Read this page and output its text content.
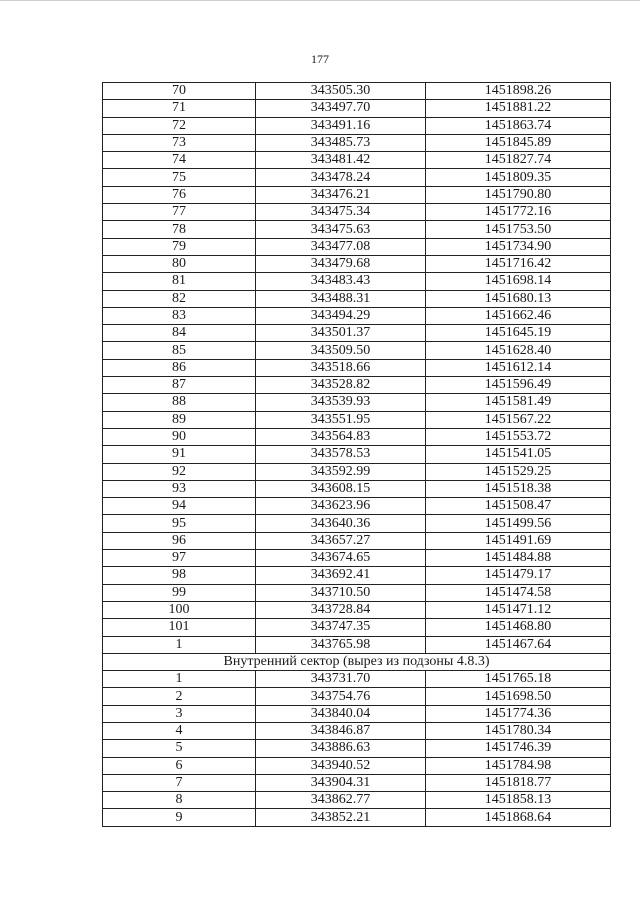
177
70	343505.30	1451898.26
71	343497.70	1451881.22
72	343491.16	1451863.74
73	343485.73	1451845.89
74	343481.42	1451827.74
75	343478.24	1451809.35
76	343476.21	1451790.80
77	343475.34	1451772.16
78	343475.63	1451753.50
79	343477.08	1451734.90
80	343479.68	1451716.42
81	343483.43	1451698.14
82	343488.31	1451680.13
83	343494.29	1451662.46
84	343501.37	1451645.19
85	343509.50	1451628.40
86	343518.66	1451612.14
87	343528.82	1451596.49
88	343539.93	1451581.49
89	343551.95	1451567.22
90	343564.83	1451553.72
91	343578.53	1451541.05
92	343592.99	1451529.25
93	343608.15	1451518.38
94	343623.96	1451508.47
95	343640.36	1451499.56
96	343657.27	1451491.69
97	343674.65	1451484.88
98	343692.41	1451479.17
99	343710.50	1451474.58
100	343728.84	1451471.12
101	343747.35	1451468.80
1	343765.98	1451467.64
Внутренний сектор (вырез из подзоны 4.8.3)		
1	343731.70	1451765.18
2	343754.76	1451698.50
3	343840.04	1451774.36
4	343846.87	1451780.34
5	343886.63	1451746.39
6	343940.52	1451784.98
7	343904.31	1451818.77
8	343862.77	1451858.13
9	343852.21	1451868.64
